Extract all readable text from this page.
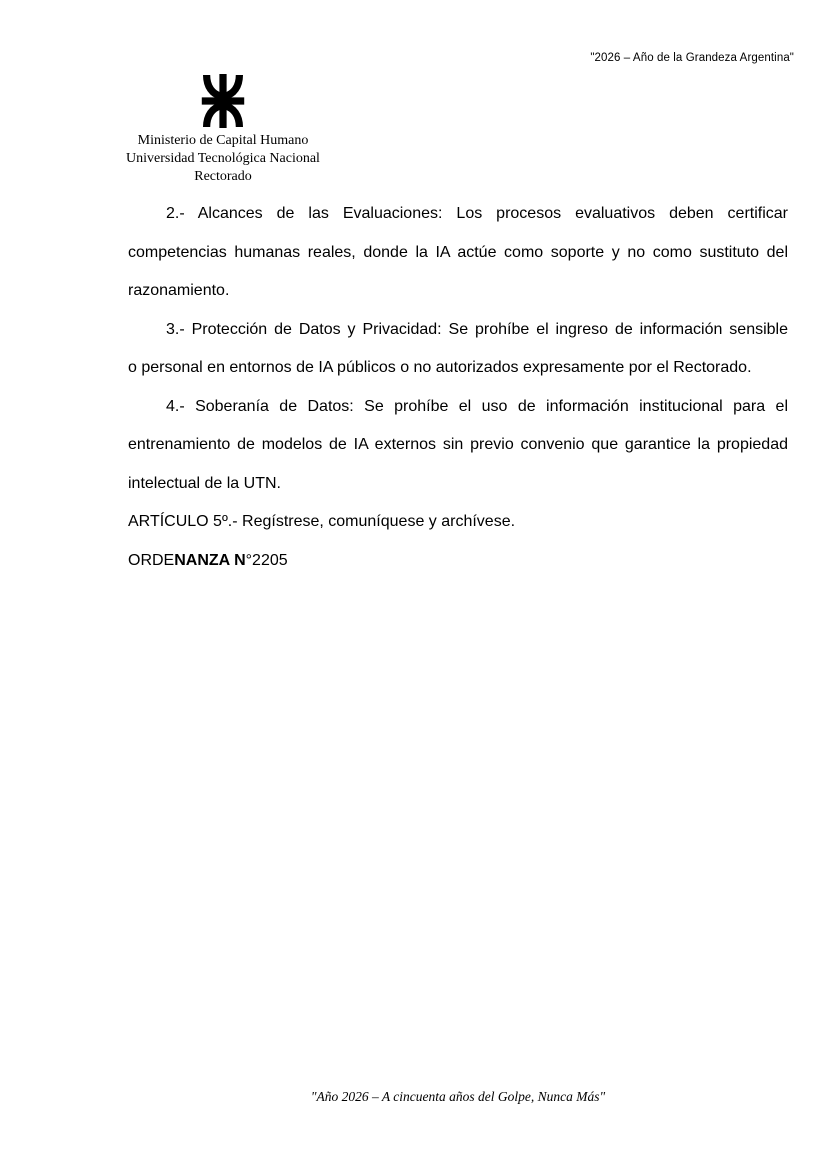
"2026 – Año de la Grandeza Argentina"
Ministerio de Capital Humano
Universidad Tecnológica Nacional
Rectorado
2.- Alcances de las Evaluaciones: Los procesos evaluativos deben certificar
competencias humanas reales, donde la IA actúe como soporte y no como sustituto del
razonamiento.
3.- Protección de Datos y Privacidad: Se prohíbe el ingreso de información sensible
o personal en entornos de IA públicos o no autorizados expresamente por el Rectorado.
4.- Soberanía de Datos: Se prohíbe el uso de información institucional para el
entrenamiento de modelos de IA externos sin previo convenio que garantice la propiedad
intelectual de la UTN.
ARTÍCULO 5º.- Regístrese, comuníquese y archívese.
ORDENANZA N°2205
"Año 2026 – A cincuenta años del Golpe, Nunca Más"
